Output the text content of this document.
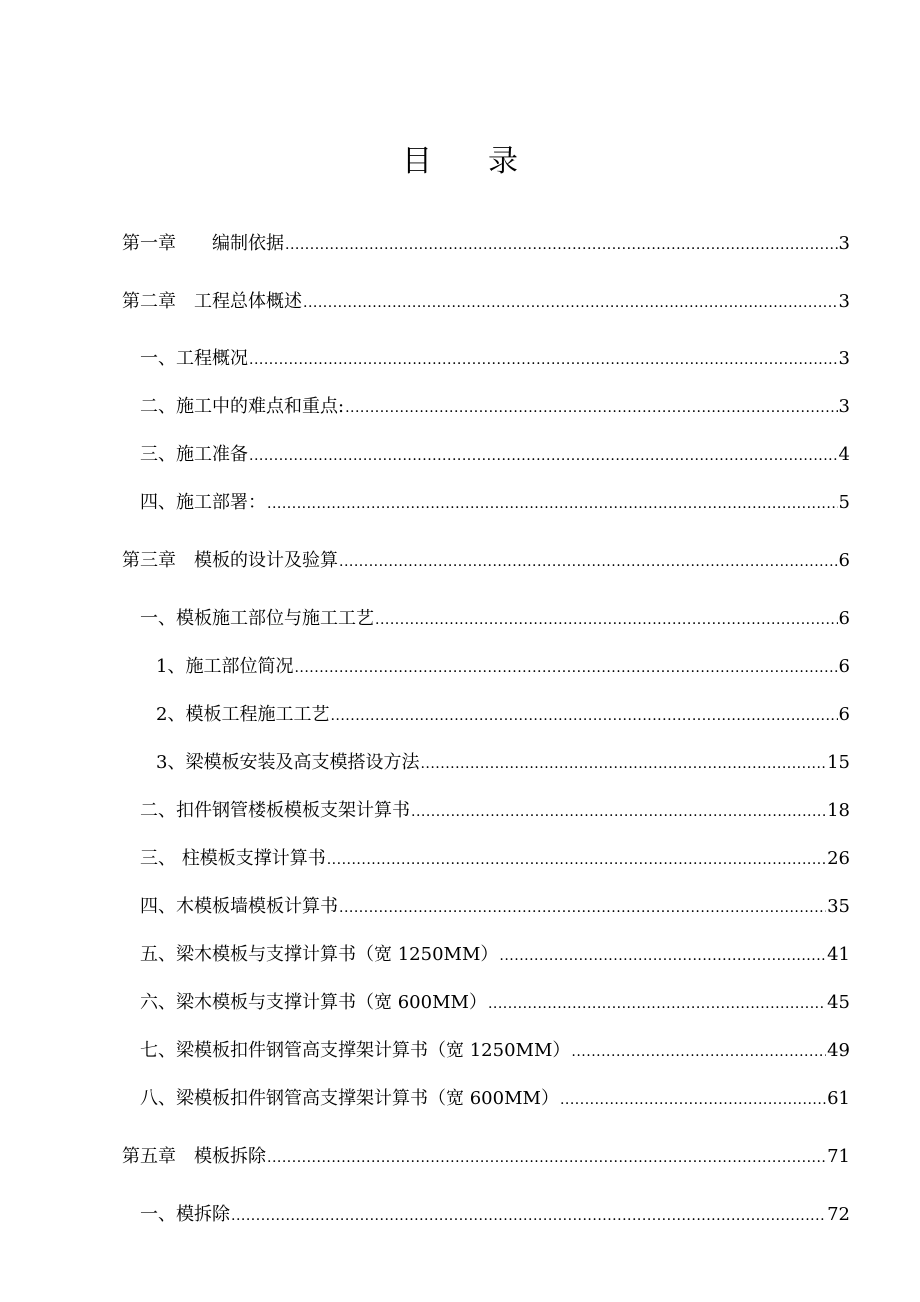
目 录
第一章　　编制依据 .....	3
第二章　工程总体概述 .....	3
一、工程概况 .....	3
二、施工中的难点和重点: .....	3
三、施工准备 .....	4
四、施工部署： .....	5
第三章　模板的设计及验算 .....	6
一、模板施工部位与施工工艺 .....	6
1、施工部位简况 .....	6
2、模板工程施工工艺 .....	6
3、梁模板安装及高支模搭设方法 .....	15
二、扣件钢管楼板模板支架计算书 .....	18
三、 柱模板支撑计算书 .....	26
四、木模板墙模板计算书 .....	35
五、梁木模板与支撑计算书（宽 1250MM） .....	41
六、梁木模板与支撑计算书（宽 600MM） .....	45
七、梁模板扣件钢管高支撑架计算书（宽 1250MM） .....	49
八、梁模板扣件钢管高支撑架计算书（宽 600MM） .....	61
第五章　模板拆除 .....	71
一、模拆除 .....	72
